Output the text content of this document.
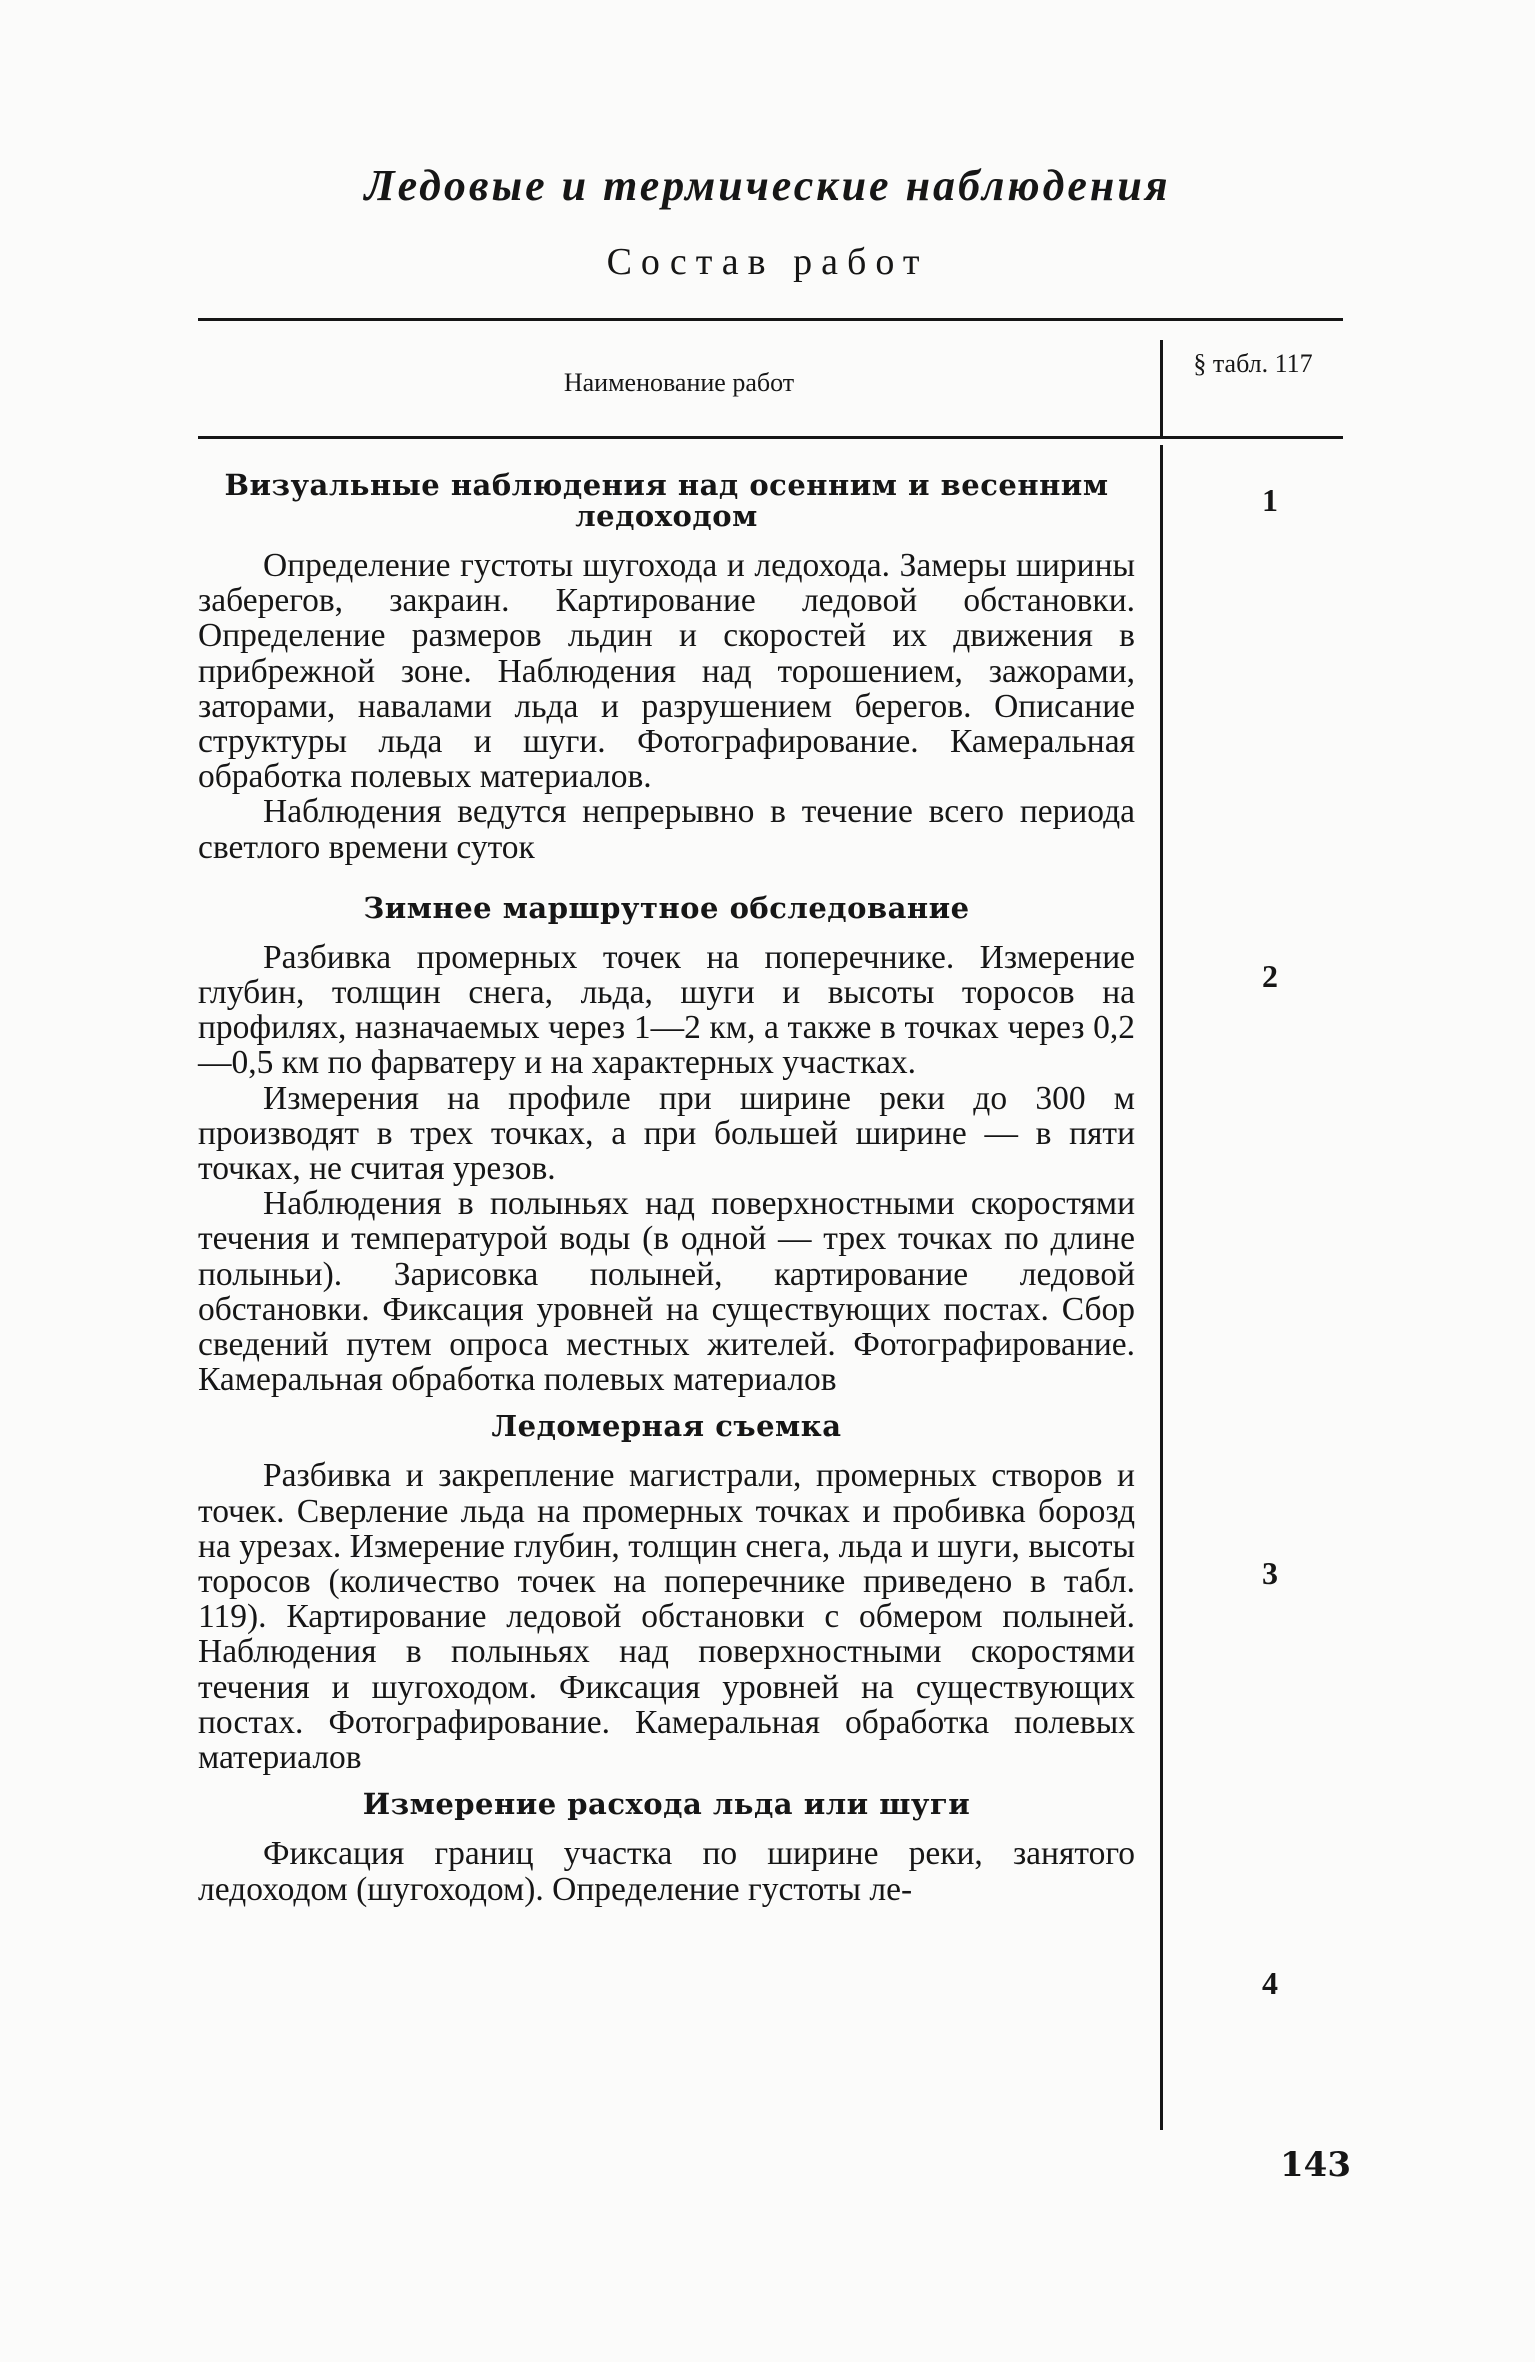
Ледовые и термические наблюдения
Состав работ
Наименование работ
§ табл. 117
Визуальные наблюдения над осенним и весенним ледоходом

Определение густоты шугохода и ледохода. Замеры ширины заберегов, закраин. Картирование ледовой обстановки. Определение размеров льдин и скоростей их движения в прибрежной зоне. Наблюдения над торошением, зажорами, заторами, навалами льда и разрушением берегов. Описание структуры льда и шуги. Фотографирование. Камеральная обработка полевых материалов.

Наблюдения ведутся непрерывно в течение всего периода светлого времени суток

Зимнее маршрутное обследование

Разбивка промерных точек на поперечнике. Измерение глубин, толщин снега, льда, шуги и высоты торосов на профилях, назначаемых через 1—2 км, а также в точках через 0,2—0,5 км по фарватеру и на характерных участках.

Измерения на профиле при ширине реки до 300 м производят в трех точках, а при большей ширине — в пяти точках, не считая урезов.

Наблюдения в полыньях над поверхностными скоростями течения и температурой воды (в одной — трех точках по длине полыньи). Зарисовка полыней, картирование ледовой обстановки. Фиксация уровней на существующих постах. Сбор сведений путем опроса местных жителей. Фотографирование. Камеральная обработка полевых материалов

Ледомерная съемка

Разбивка и закрепление магистрали, промерных створов и точек. Сверление льда на промерных точках и пробивка борозд на урезах. Измерение глубин, толщин снега, льда и шуги, высоты торосов (количество точек на поперечнике приведено в табл. 119). Картирование ледовой обстановки с обмером полыней. Наблюдения в полыньях над поверхностными скоростями течения и шугоходом. Фиксация уровней на существующих постах. Фотографирование. Камеральная обработка полевых материалов

Измерение расхода льда или шуги

Фиксация границ участка по ширине реки, занятого ледоходом (шугоходом). Определение густоты ле-

1
2
3
4
143
